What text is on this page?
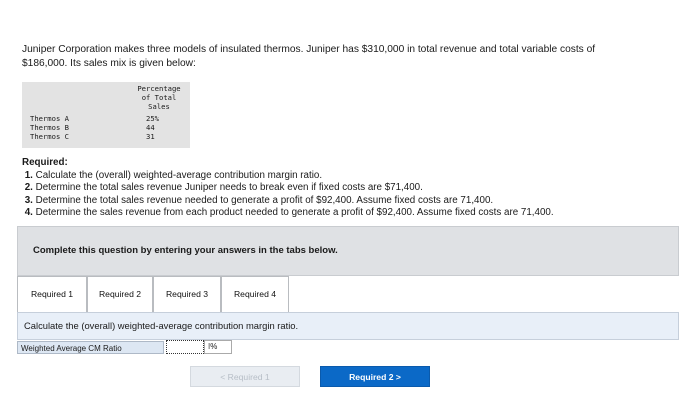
Juniper Corporation makes three models of insulated thermos. Juniper has $310,000 in total revenue and total variable costs of
$186,000. Its sales mix is given below:
Percentage
of Total
Sales
Thermos A	25%
Thermos B	44
Thermos C	31
Required:
1. Calculate the (overall) weighted-average contribution margin ratio.
2. Determine the total sales revenue Juniper needs to break even if fixed costs are $71,400.
3. Determine the total sales revenue needed to generate a profit of $92,400. Assume fixed costs are 71,400.
4. Determine the sales revenue from each product needed to generate a profit of $92,400. Assume fixed costs are 71,400.
Complete this question by entering your answers in the tabs below.
Required 1	Required 2	Required 3	Required 4
Calculate the (overall) weighted-average contribution margin ratio.
Weighted Average CM Ratio	I%
< Required 1	Required 2 >
